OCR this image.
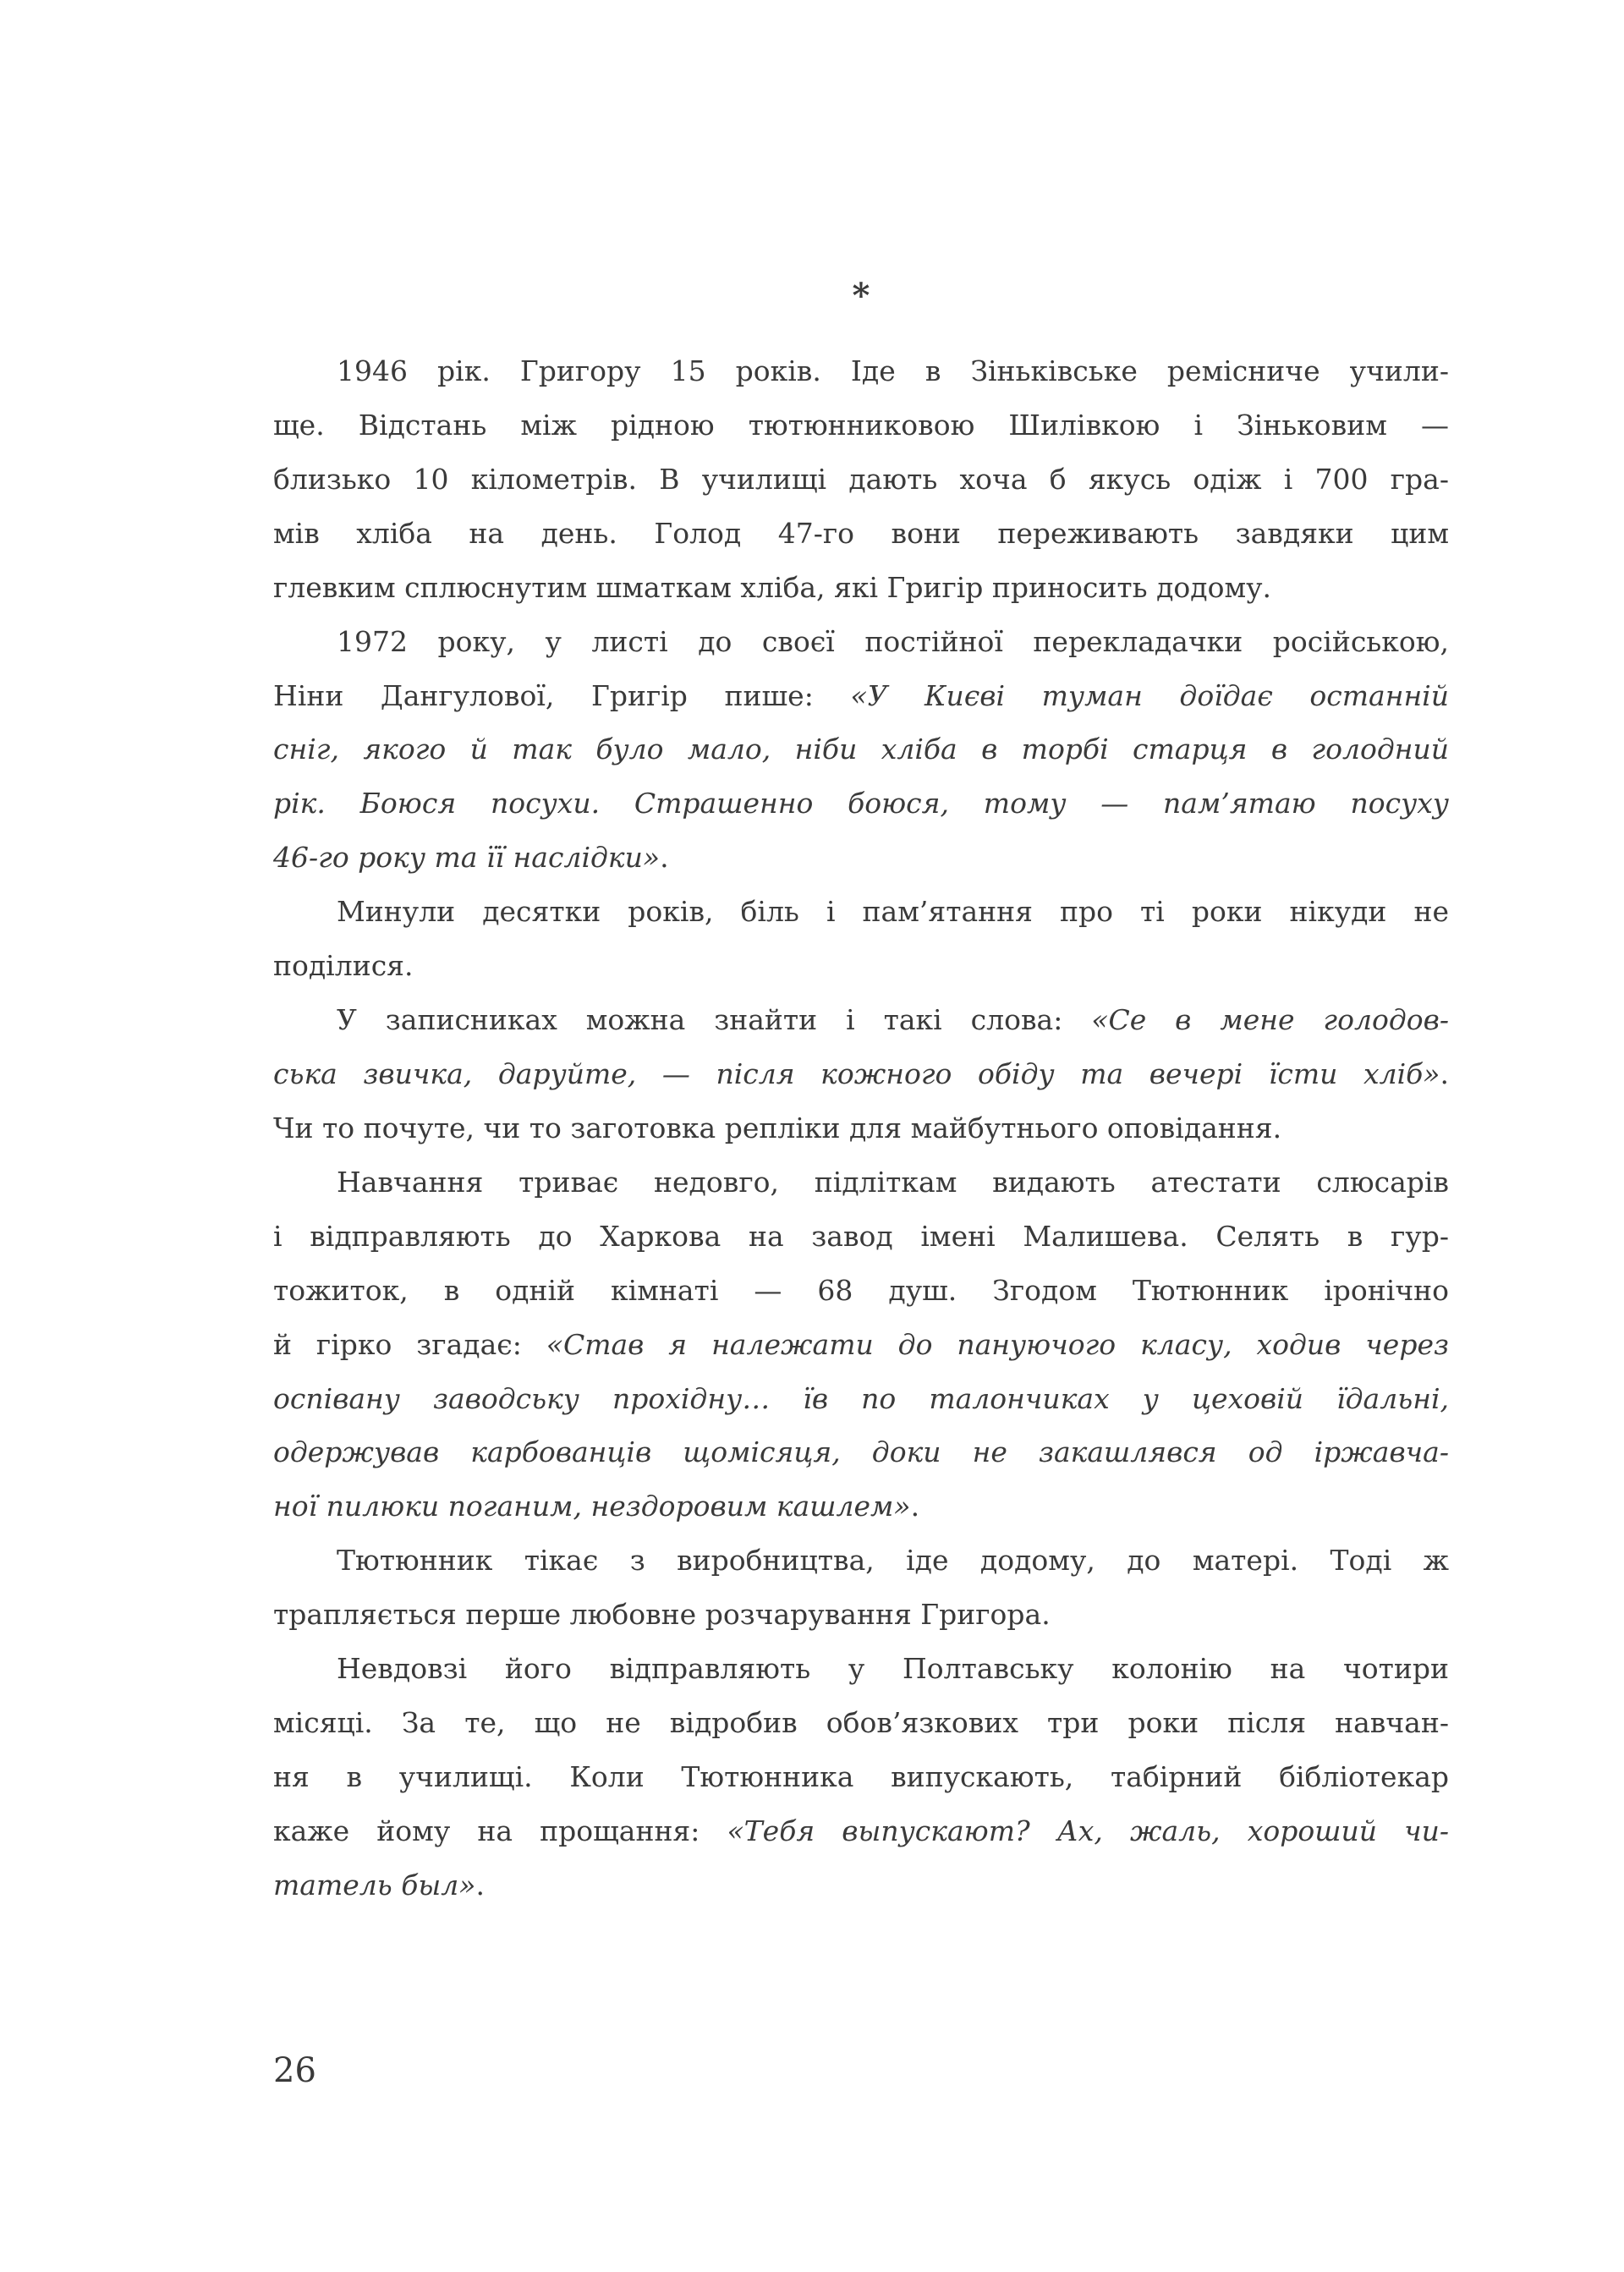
*
1946 рік. Григору 15 років. Іде в Зіньківське ремісниче учили-
ще. Відстань між рідною тютюнниковою Шилівкою і Зіньковим —
близько 10 кілометрів. В училищі дають хоча б якусь одіж і 700 гра-
мів хліба на день. Голод 47-го вони переживають завдяки цим
глевким сплюснутим шматкам хліба, які Григір приносить додому.
1972 року, у листі до своєї постійної перекладачки російською,
Ніни Дангулової, Григір пише: «У Києві туман доїдає останній
сніг, якого й так було мало, ніби хліба в торбі старця в голодний
рік. Боюся посухи. Страшенно боюся, тому — пам’ятаю посуху
46-го року та її наслідки».
Минули десятки років, біль і пам’ятання про ті роки нікуди не
поділися.
У записниках можна знайти і такі слова: «Се в мене голодов-
ська звичка, даруйте, — після кожного обіду та вечері їсти хліб».
Чи то почуте, чи то заготовка репліки для майбутнього оповідання.
Навчання триває недовго, підліткам видають атестати слюсарів
і відправляють до Харкова на завод імені Малишева. Селять в гур-
тожиток, в одній кімнаті — 68 душ. Згодом Тютюнник іронічно
й гірко згадає: «Став я належати до пануючого класу, ходив через
оспівану заводську прохідну… їв по талончиках у цеховій їдальні,
одержував карбованців щомісяця, доки не закашлявся од іржавча-
ної пилюки поганим, нездоровим кашлем».
Тютюнник тікає з виробництва, іде додому, до матері. Тоді ж
трапляється перше любовне розчарування Григора.
Невдовзі його відправляють у Полтавську колонію на чотири
місяці. За те, що не відробив обов’язкових три роки після навчан-
ня в училищі. Коли Тютюнника випускають, табірний бібліотекар
каже йому на прощання: «Тебя выпускают? Ах, жаль, хороший чи-
татель был».
26
